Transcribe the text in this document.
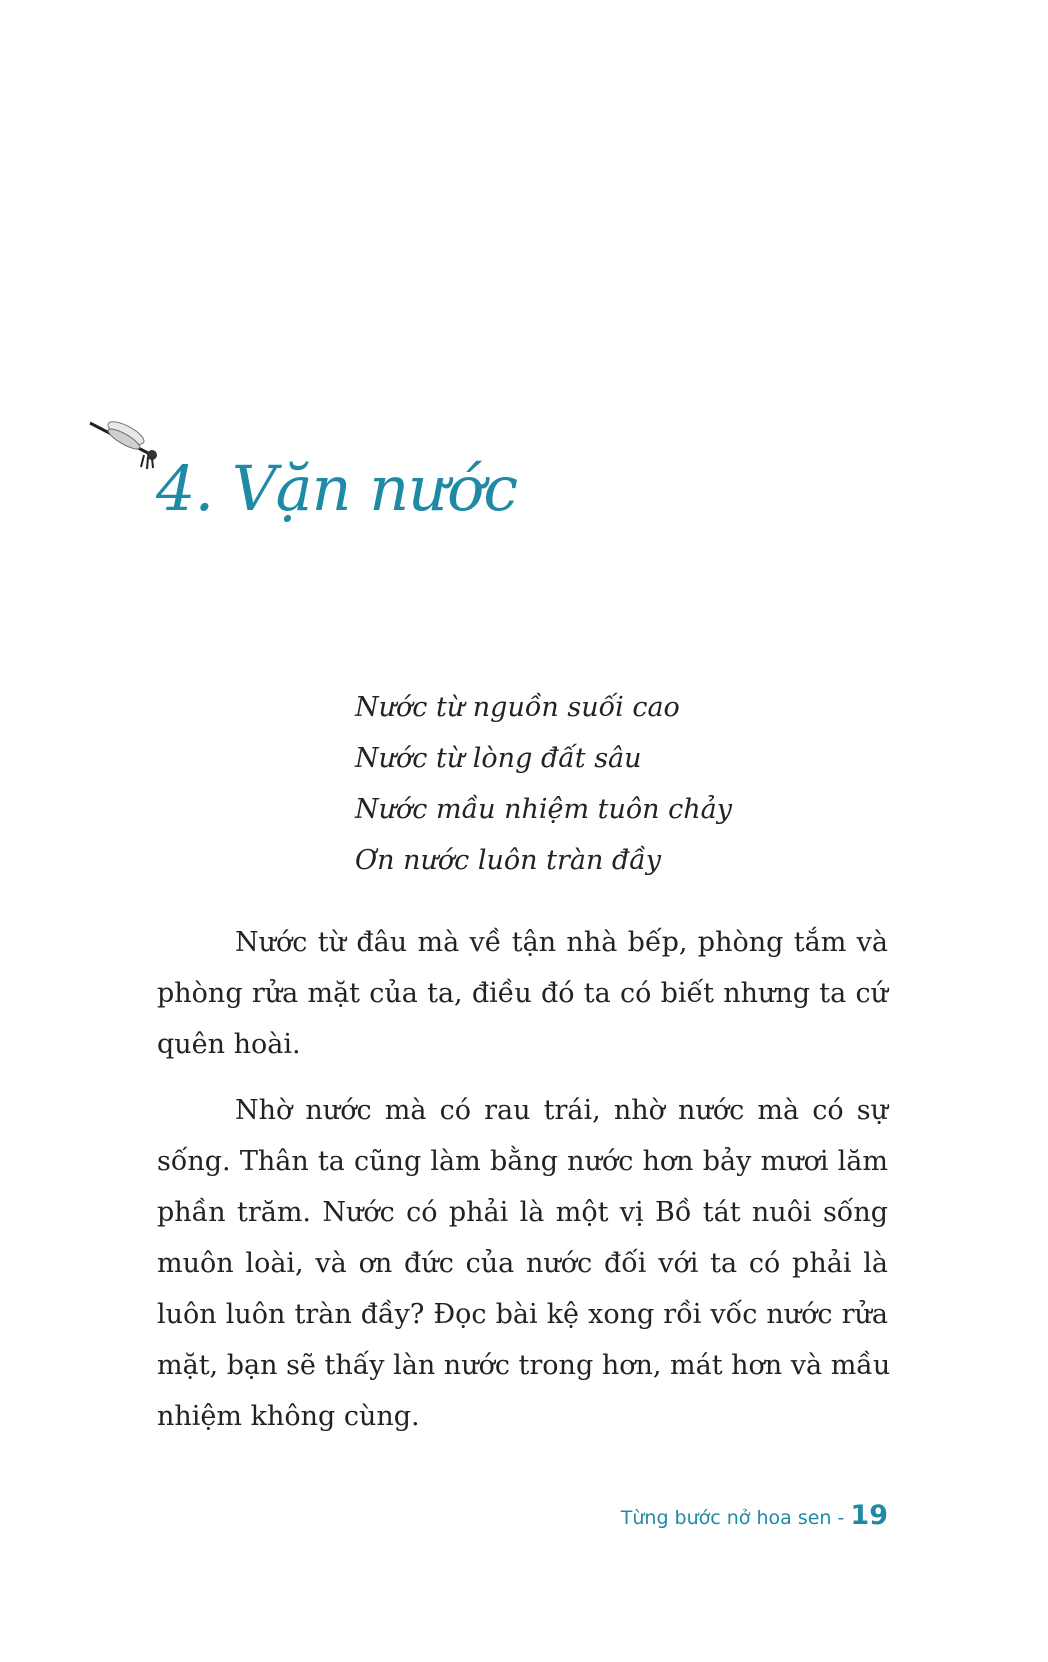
4. Vặn nước
Nước từ nguồn suối cao
Nước từ lòng đất sâu
Nước mầu nhiệm tuôn chảy
Ơn nước luôn tràn đầy
Nước từ đâu mà về tận nhà bếp, phòng tắm và
phòng rửa mặt của ta, điều đó ta có biết nhưng ta cứ
quên hoài.
Nhờ nước mà có rau trái, nhờ nước mà có sự
sống. Thân ta cũng làm bằng nước hơn bảy mươi lăm
phần trăm. Nước có phải là một vị Bồ tát nuôi sống
muôn loài, và ơn đức của nước đối với ta có phải là
luôn luôn tràn đầy? Đọc bài kệ xong rồi vốc nước rửa
mặt, bạn sẽ thấy làn nước trong hơn, mát hơn và mầu
nhiệm không cùng.
Từng bước nở hoa sen - 19
